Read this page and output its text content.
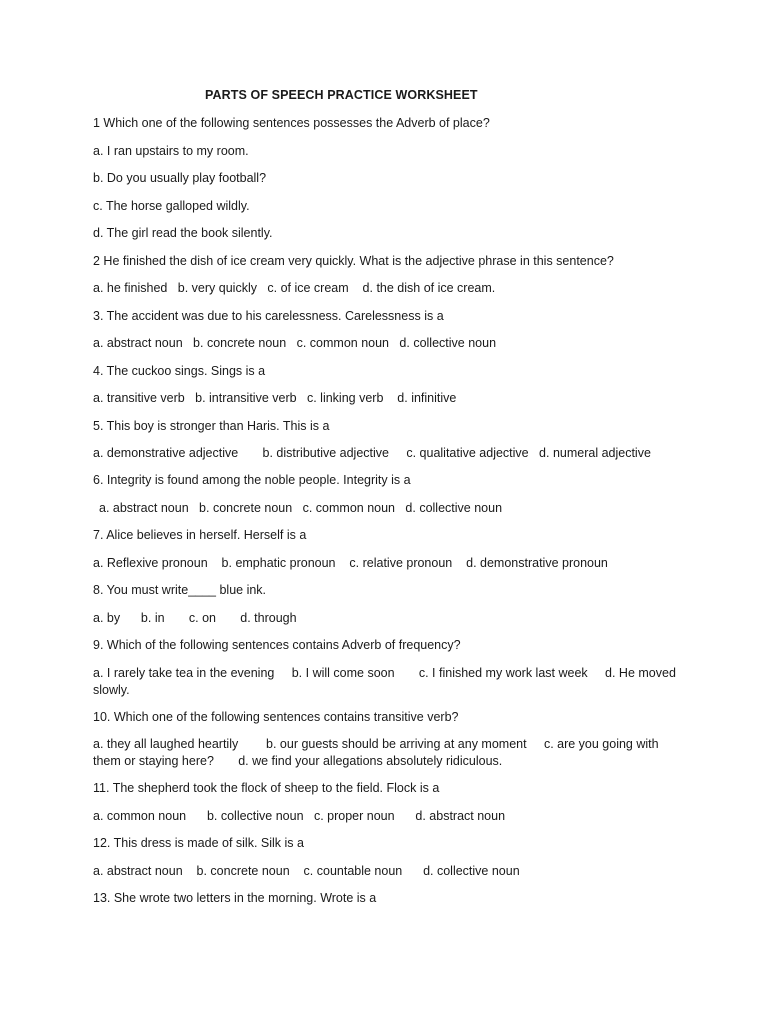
PARTS OF SPEECH PRACTICE WORKSHEET
1 Which one of the following sentences possesses the Adverb of place?
a. I ran upstairs to my room.
b. Do you usually play football?
c. The horse galloped wildly.
d. The girl read the book silently.
2 He finished the dish of ice cream very quickly. What is the adjective phrase in this sentence?
a. he finished   b. very quickly   c. of ice cream    d. the dish of ice cream.
3. The accident was due to his carelessness. Carelessness is a
a. abstract noun   b. concrete noun   c. common noun   d. collective noun
4. The cuckoo sings. Sings is a
a. transitive verb   b. intransitive verb   c. linking verb    d. infinitive
5. This boy is stronger than Haris. This is a
a. demonstrative adjective       b. distributive adjective     c. qualitative adjective   d. numeral adjective
6. Integrity is found among the noble people. Integrity is a
a. abstract noun   b. concrete noun   c. common noun   d. collective noun
7. Alice believes in herself. Herself is a
a. Reflexive pronoun    b. emphatic pronoun    c. relative pronoun    d. demonstrative pronoun
8. You must write____ blue ink.
a. by      b. in       c. on       d. through
9. Which of the following sentences contains Adverb of frequency?
a. I rarely take tea in the evening     b. I will come soon       c. I finished my work last week     d. He moved slowly.
10. Which one of the following sentences contains transitive verb?
a. they all laughed heartily        b. our guests should be arriving at any moment     c. are you going with them or staying here?       d. we find your allegations absolutely ridiculous.
11. The shepherd took the flock of sheep to the field. Flock is a
a. common noun      b. collective noun   c. proper noun      d. abstract noun
12. This dress is made of silk. Silk is a
a. abstract noun    b. concrete noun    c. countable noun      d. collective noun
13. She wrote two letters in the morning. Wrote is a
